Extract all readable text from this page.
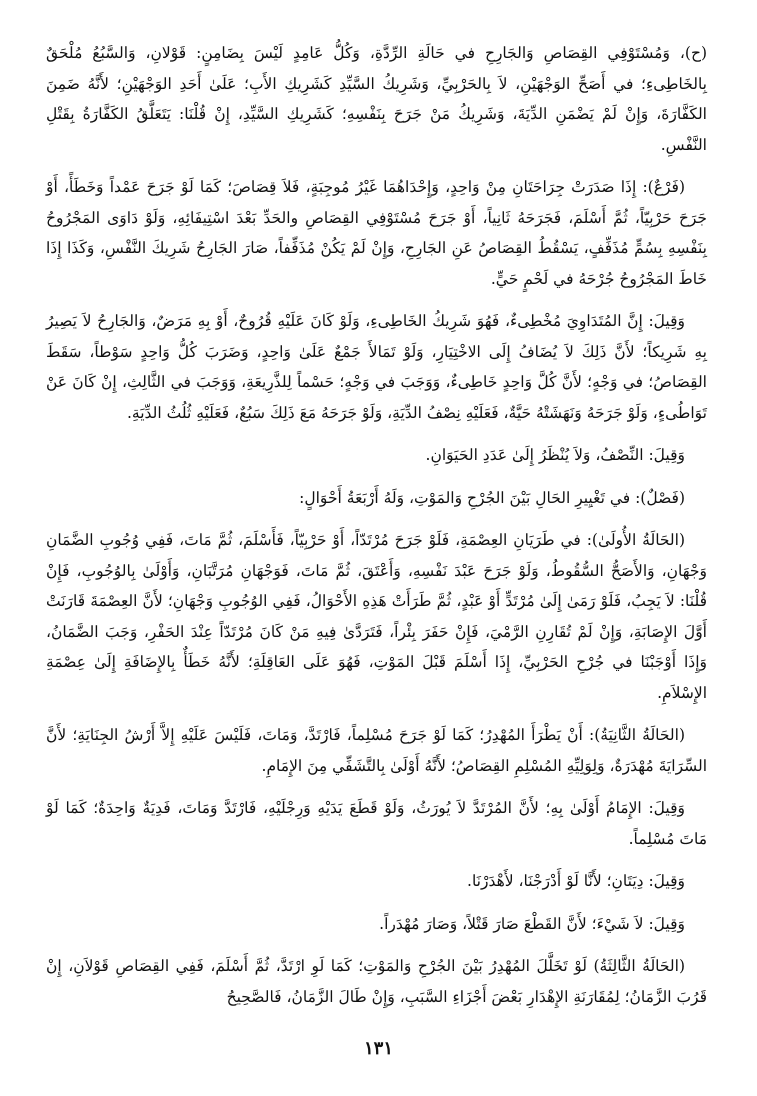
(ح)، وَمُسْتَوْفِي القِصَاصِ وَالجَارِحِ في حَالَةِ الرِّدَّةِ، وَكُلُّ عَامِدٍ لَيْسَ بِضَامِنٍ: قَوْلانِ، وَالسَّبُعُ مُلْحَقٌ بِالخَاطِىءِ؛ في أَصَحِّ الوَجْهَيْنِ، لاَ بِالحَرْبِيِّ، وَشَرِيكُ السَّيِّدِ كَشَرِيكِ الأَبِ؛ عَلَىٰ أَحَدِ الوَجْهَيْنِ؛ لأَنَّهُ ضَمِنَ الكَفَّارَةَ، وَإِنْ لَمْ يَضْمَنِ الدِّيَةَ، وَشَرِيكُ مَنْ جَرَحَ بِنَفْسِهِ؛ كَشَرِيكِ السَّيِّدِ، إِنْ قُلْنَا: يَتَعَلَّقُ الكَفَّارَةُ بِقَتْلِ النَّفْسِ.

(فَرْعٌ): إِذَا صَدَرَتْ جِرَاحَتَانِ مِنْ وَاحِدٍ، وَإِحْدَاهُمَا غَيْرُ مُوجِبَةٍ، فَلاَ قِصَاصَ؛ كَمَا لَوْ جَرَحَ عَمْداً وَخَطَأً، أَوْ جَرَحَ حَرْبِيّاً، ثُمَّ أَسْلَمَ، فَجَرَحَهُ ثَانِياً، أَوْ جَرَحَ مُسْتَوْفِي القِصَاصِ والحَدِّ بَعْدَ اسْتِيفَائِهِ، وَلَوْ دَاوَى المَجْرُوحُ بِنَفْسِهِ بِسُمٍّ مُذَفِّفٍ، يَسْقُطُ القِصَاصُ عَنِ الجَارِحِ، وَإِنْ لَمْ يَكُنْ مُذَفِّفاً، صَارَ الجَارِحُ شَرِيكَ النَّفْسِ، وَكَذَا إِذَا خَاطَ المَجْرُوحُ جُرْحَهُ في لَحْمٍ حَيٍّ.

وَقِيلَ: إِنَّ المُتَدَاوِيَ مُخْطِىءٌ، فَهُوَ شَرِيكُ الخَاطِىءِ، وَلَوْ كَانَ عَلَيْهِ قُرُوحٌ، أَوْ بِهِ مَرَضٌ، وَالجَارِحُ لاَ يَصِيرُ بِهِ شَرِيكاً؛ لأَنَّ ذَلِكَ لاَ يُضَافُ إِلَى الاخْتِيَارِ، وَلَوْ تَمَالأَ جَمْعٌ عَلَىٰ وَاحِدٍ، وَضَرَبَ كُلُّ وَاحِدٍ سَوْطاً، سَقَطَ القِصَاصُ؛ في وَجْهٍ؛ لأَنَّ كُلَّ وَاحِدٍ خَاطِىءٌ، وَوَجَبَ في وَجْهٍ؛ حَسْماً لِلذَّرِيعَةِ، وَوَجَبَ في الثَّالِثِ، إِنْ كَانَ عَنْ تَوَاطُىءٍ، وَلَوْ جَرَحَهُ وَنَهَشَتْهُ حَيَّةٌ، فَعَلَيْهِ نِصْفُ الدِّيَةِ، وَلَوْ جَرَحَهُ مَعَ ذَلِكَ سَبُعٌ، فَعَلَيْهِ ثُلُثُ الدِّيَةِ.

وَقِيلَ: النِّصْفُ، وَلاَ يُنْظَرُ إِلَىٰ عَدَدِ الحَيَوَانِ.

(فَصْلٌ): في تَغْيِيرِ الحَالِ بَيْنَ الجُرْحِ وَالمَوْتِ، وَلَهُ أَرْبَعَةُ أَحْوَالٍ:

(الحَالَةُ الأُولَىٰ): في طَرَيَانِ العِصْمَةِ، فَلَوْ جَرَحَ مُرْتَدّاً، أَوْ حَرْبِيّاً، فَأَسْلَمَ، ثُمَّ مَاتَ، فَفِي وُجُوبِ الضَّمَانِ وَجْهَانِ، وَالأَصَحُّ السُّقُوطُ، وَلَوْ جَرَحَ عَبْدَ نَفْسِهِ، وَأَعْتَقَ، ثُمَّ مَاتَ، فَوَجْهَانِ مُرَتَّبَانِ، وَأَوْلَىٰ بِالوُجُوبِ، فَإِنْ قُلْنَا: لاَ يَجِبُ، فَلَوْ رَمَىٰ إِلَىٰ مُرْتَدٍّ أَوْ عَبْدٍ، ثُمَّ طَرَأَتْ هَذِهِ الأَحْوَالُ، فَفِي الوُجُوبِ وَجْهَانِ؛ لأَنَّ العِصْمَةَ قَارَنَتْ أَوَّلَ الإِصَابَةِ، وَإِنْ لَمْ تُقَارِنِ الرَّمْيَ، فَإِنْ حَفَرَ بِئْراً، فَتَرَدَّىٰ فِيهِ مَنْ كَانَ مُرْتَدّاً عِنْدَ الحَفْرِ، وَجَبَ الضَّمَانُ، وَإِذَا أَوْجَبْنَا في جُرْحِ الحَرْبِيِّ، إِذَا أَسْلَمَ قَبْلَ المَوْتِ، فَهُوَ عَلَى العَاقِلَةِ؛ لأَنَّهُ خَطَأٌ بِالإِضَافَةِ إِلَىٰ عِصْمَةِ الإِسْلاَمِ.

(الحَالَةُ الثَّانِيَةُ): أَنْ يَطْرَأَ المُهْدِرُ؛ كَمَا لَوْ جَرَحَ مُسْلِماً، فَارْتَدَّ، وَمَاتَ، فَلَيْسَ عَلَيْهِ إِلاَّ أَرْشُ الجِنَايَةِ؛ لأَنَّ السِّرَايَةَ مُهْدَرَةٌ، وَلِوَلِيِّهِ المُسْلِمِ القِصَاصُ؛ لأَنَّهُ أَوْلَىٰ بِالتَّشَفِّي مِنَ الإِمَامِ.

وَقِيلَ: الإِمَامُ أَوْلَىٰ بِهِ؛ لأَنَّ المُرْتَدَّ لاَ يُورَثُ، وَلَوْ قَطَعَ يَدَيْهِ وَرِجْلَيْهِ، فَارْتَدَّ وَمَاتَ، فَدِيَةٌ وَاحِدَةٌ؛ كَمَا لَوْ مَاتَ مُسْلِماً.

وَقِيلَ: دِيَتَانِ؛ لأَنَّا لَوْ أَدْرَجْنَا، لأَهْدَرْنَا.

وَقِيلَ: لاَ شَيْءَ؛ لأَنَّ القَطْعَ صَارَ قَتْلاً، وَصَارَ مُهْدَراً.

(الحَالَةُ الثَّالِثَةُ) لَوْ تَخَلَّلَ المُهْدِرُ بَيْنَ الجُرْحِ وَالمَوْتِ؛ كَمَا لَوِ ارْتَدَّ، ثُمَّ أَسْلَمَ، فَفِي القِصَاصِ قَوْلاَنِ، إِنْ قَرُبَ الزَّمَانُ؛ لِمُقَارَنَةِ الإِهْدَارِ بَعْضَ أَجْزَاءِ السَّبَبِ، وَإِنْ طَالَ الزَّمَانُ، فَالصَّحِيحُ

١٣١
